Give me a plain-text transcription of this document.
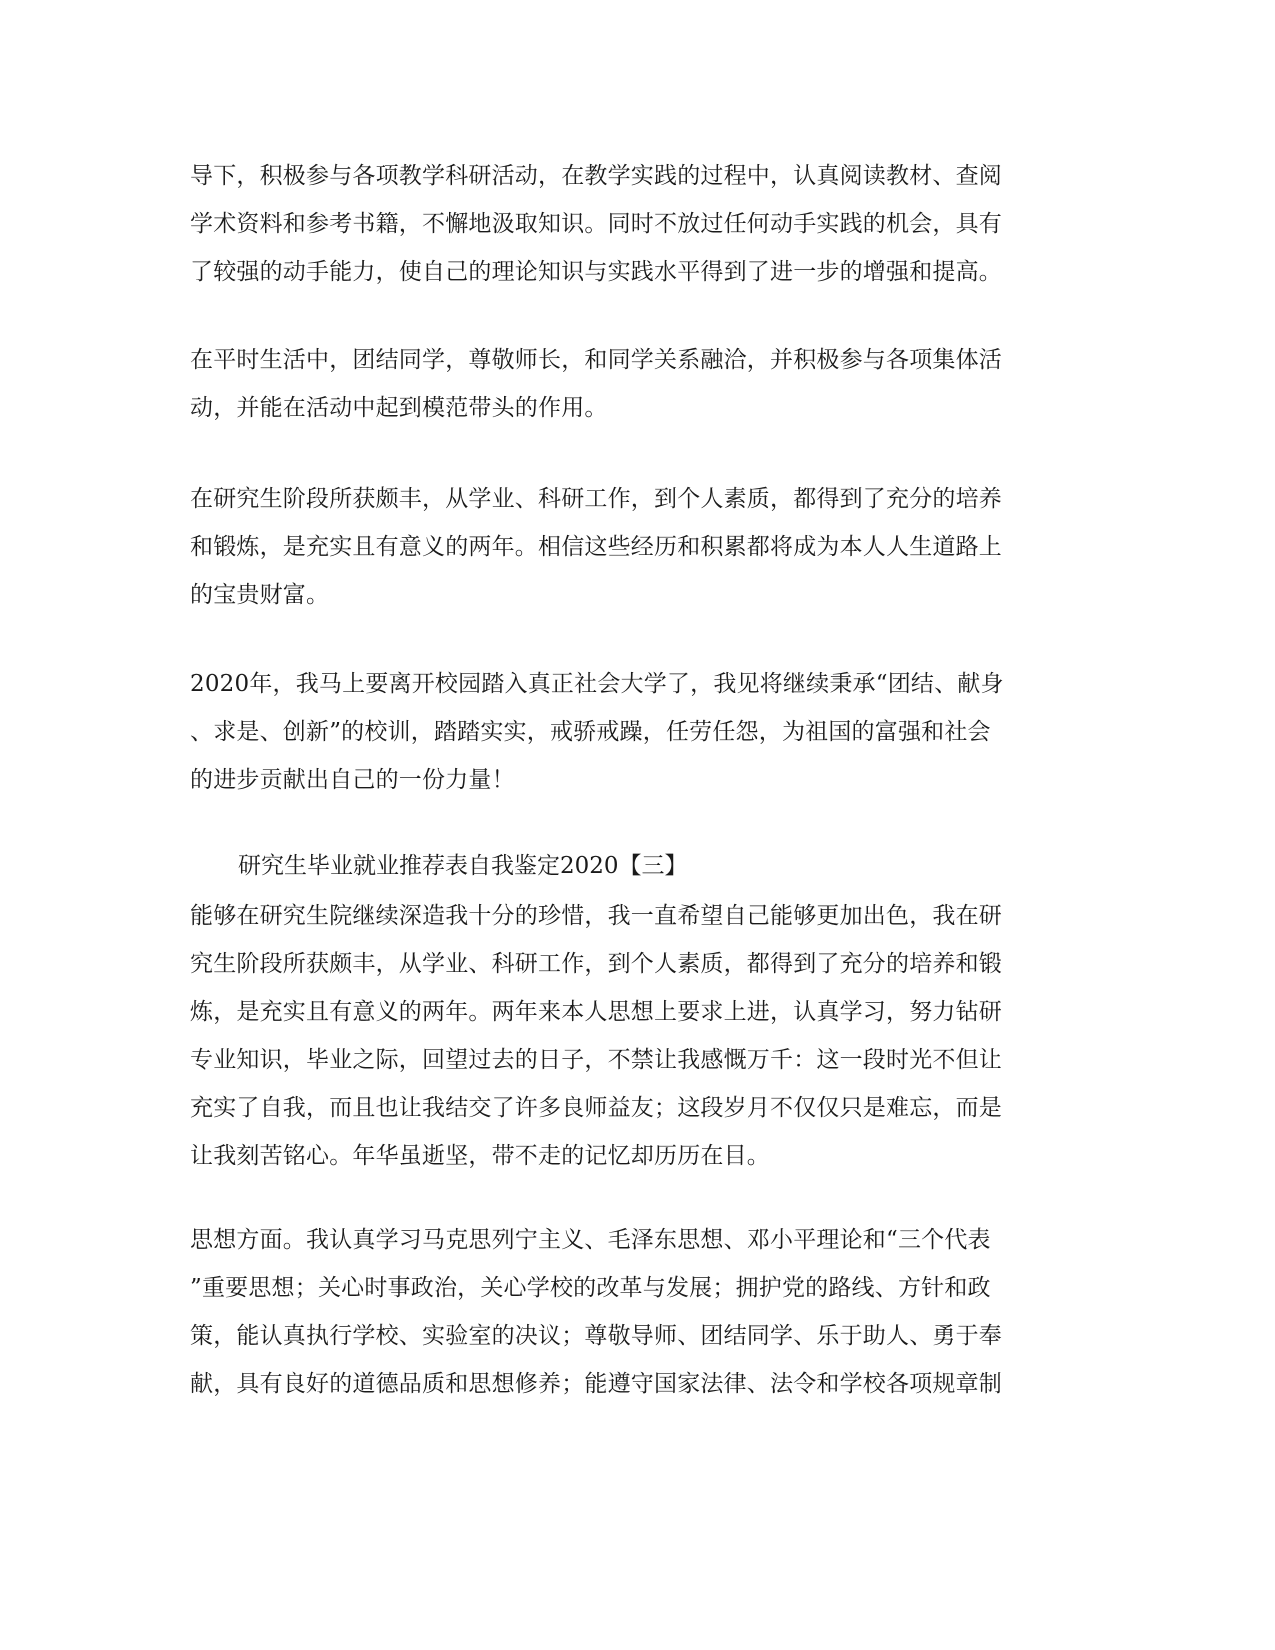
导下，积极参与各项教学科研活动，在教学实践的过程中，认真阅读教材、查阅
学术资料和参考书籍，不懈地汲取知识。同时不放过任何动手实践的机会，具有
了较强的动手能力，使自己的理论知识与实践水平得到了进一步的增强和提高。
在平时生活中，团结同学，尊敬师长，和同学关系融洽，并积极参与各项集体活
动，并能在活动中起到模范带头的作用。
在研究生阶段所获颇丰，从学业、科研工作，到个人素质，都得到了充分的培养
和锻炼，是充实且有意义的两年。相信这些经历和积累都将成为本人人生道路上
的宝贵财富。
2020年，我马上要离开校园踏入真正社会大学了，我见将继续秉承“团结、献身
、求是、创新”的校训，踏踏实实，戒骄戒躁，任劳任怨，为祖国的富强和社会
的进步贡献出自己的一份力量！
研究生毕业就业推荐表自我鉴定2020【三】
能够在研究生院继续深造我十分的珍惜，我一直希望自己能够更加出色，我在研
究生阶段所获颇丰，从学业、科研工作，到个人素质，都得到了充分的培养和锻
炼，是充实且有意义的两年。两年来本人思想上要求上进，认真学习，努力钻研
专业知识，毕业之际，回望过去的日子，不禁让我感慨万千：这一段时光不但让
充实了自我，而且也让我结交了许多良师益友；这段岁月不仅仅只是难忘，而是
让我刻苦铭心。年华虽逝坚，带不走的记忆却历历在目。
思想方面。我认真学习马克思列宁主义、毛泽东思想、邓小平理论和“三个代表
”重要思想；关心时事政治，关心学校的改革与发展；拥护党的路线、方针和政
策，能认真执行学校、实验室的决议；尊敬导师、团结同学、乐于助人、勇于奉
献，具有良好的道德品质和思想修养；能遵守国家法律、法令和学校各项规章制
